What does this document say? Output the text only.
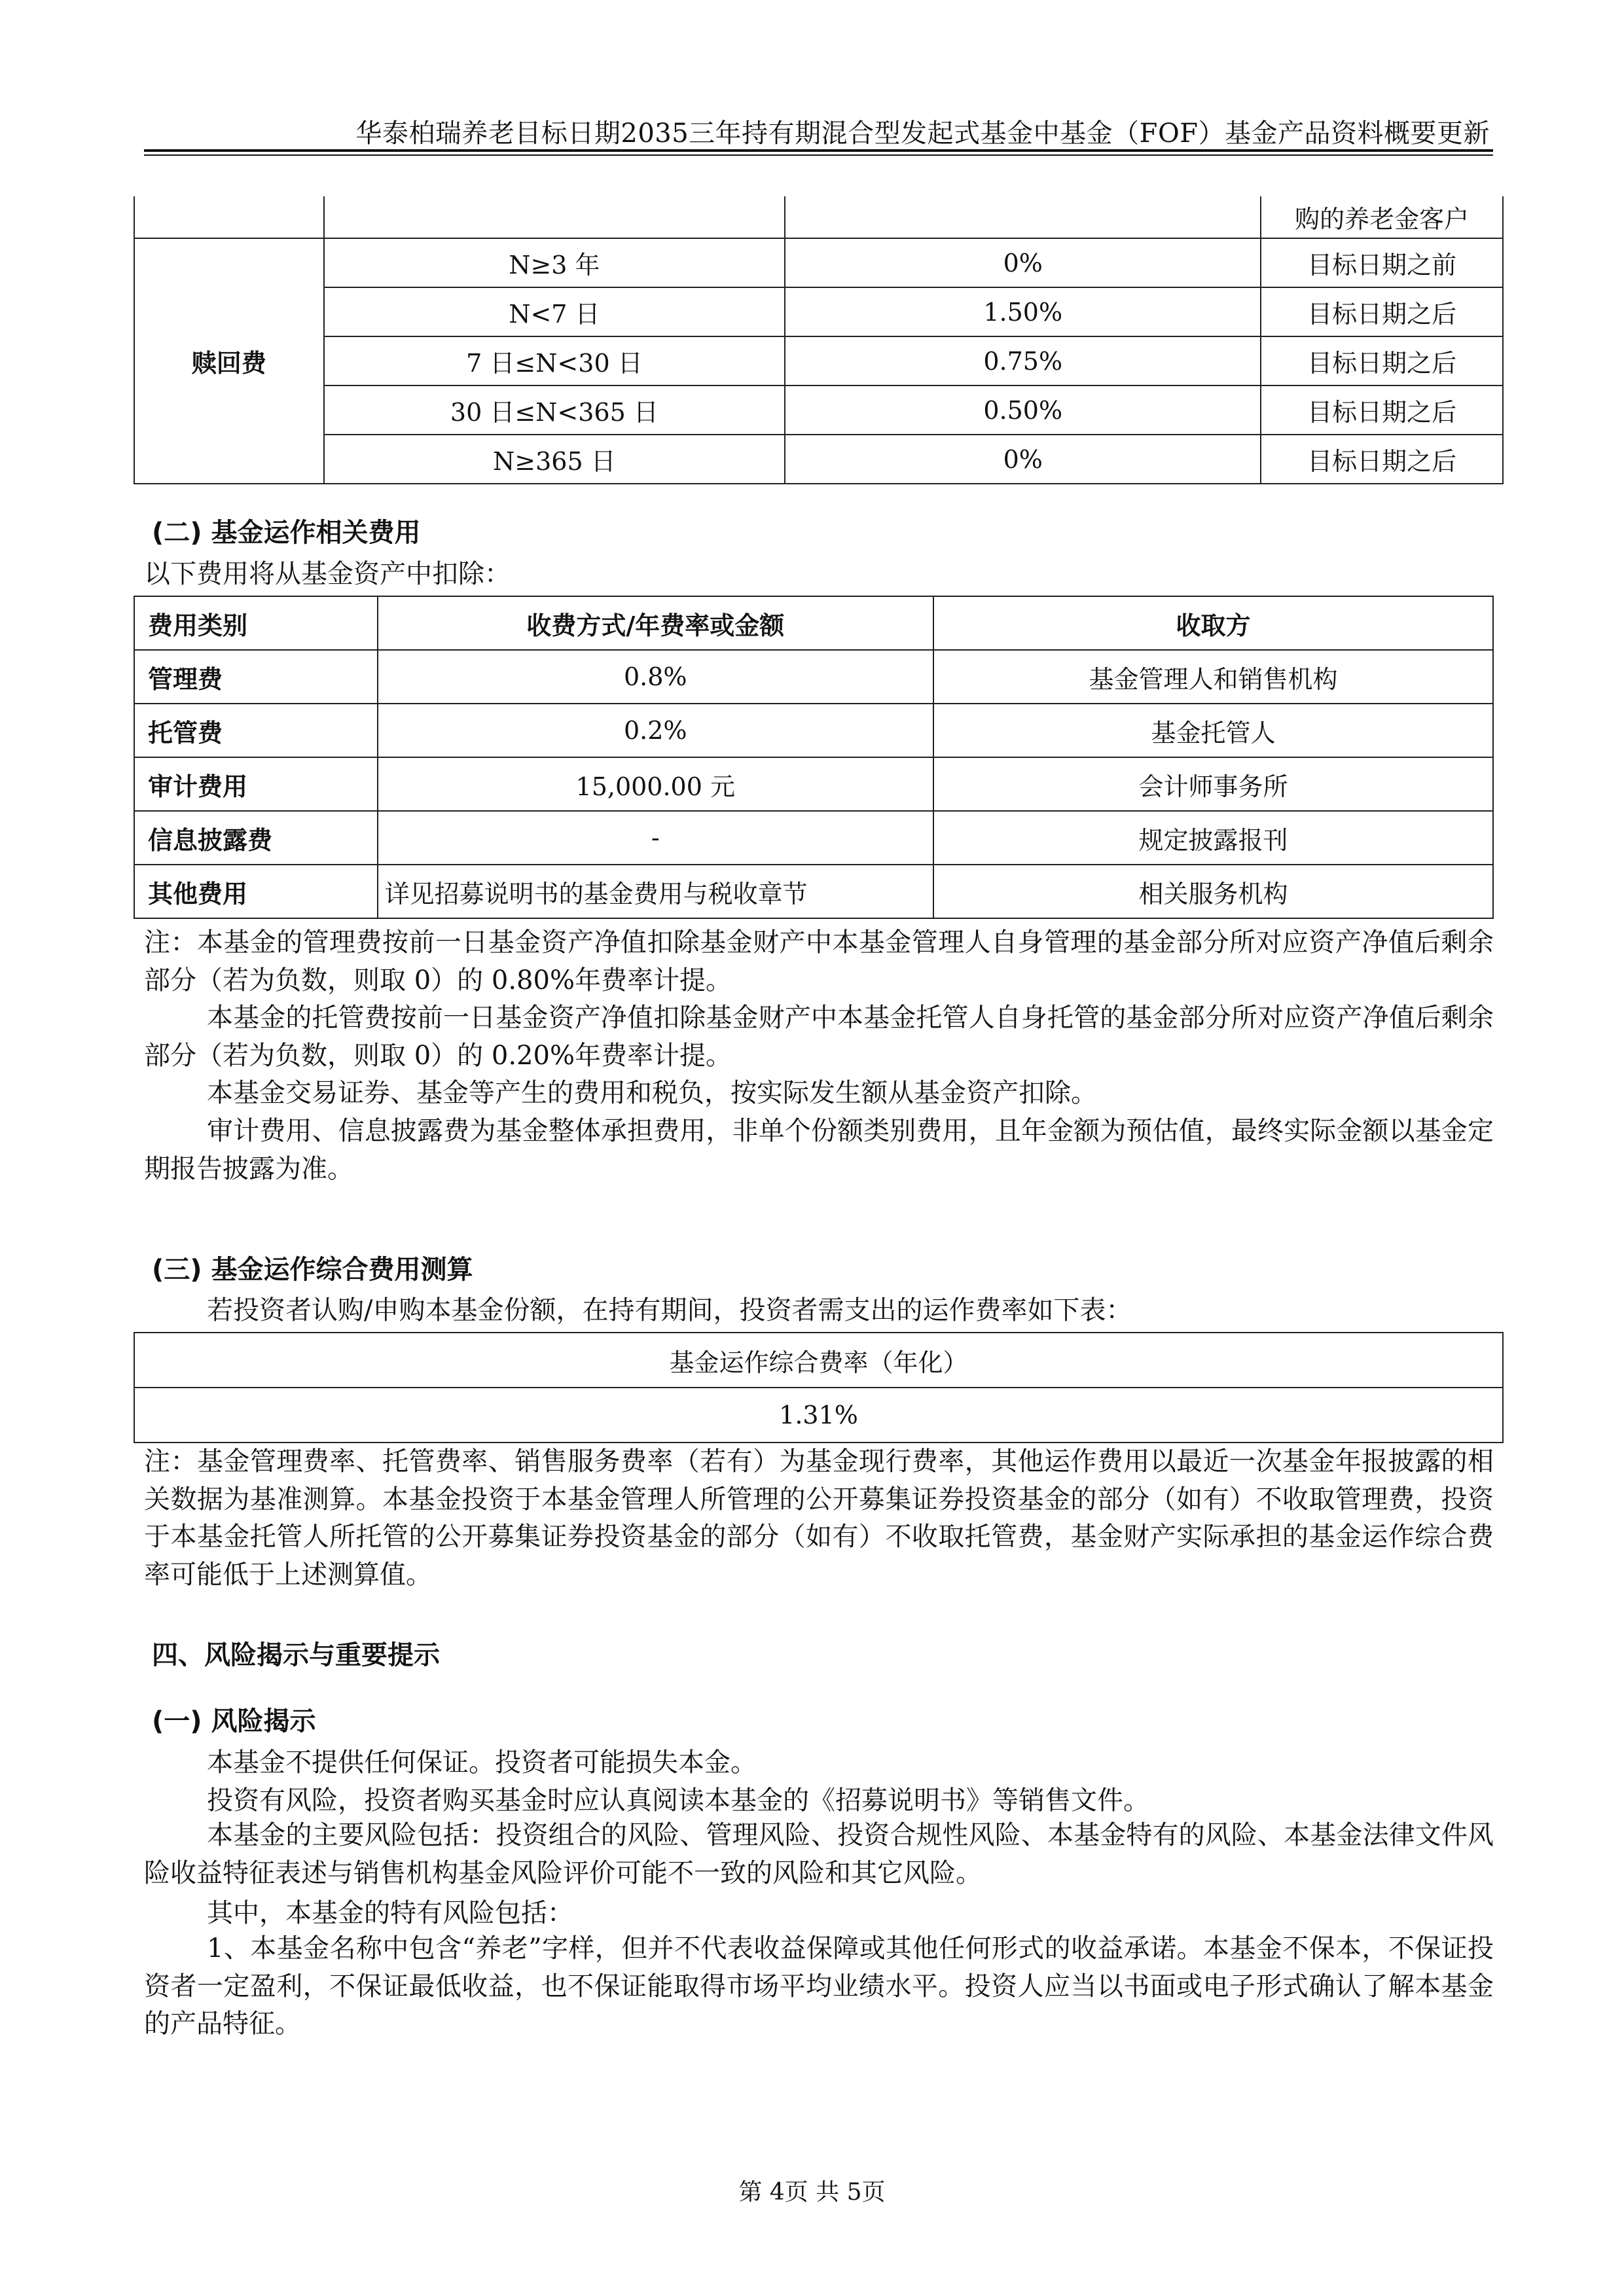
华泰柏瑞养老目标日期2035三年持有期混合型发起式基金中基金（FOF）基金产品资料概要更新
			购的养老金客户
赎回费	N≥3 年	0%	目标日期之前
	N<7 日	1.50%	目标日期之后
	7 日≤N<30 日	0.75%	目标日期之后
	30 日≤N<365 日	0.50%	目标日期之后
	N≥365 日	0%	目标日期之后
(二) 基金运作相关费用
以下费用将从基金资产中扣除：
费用类别	收费方式/年费率或金额	收取方
管理费	0.8%	基金管理人和销售机构
托管费	0.2%	基金托管人
审计费用	15,000.00 元	会计师事务所
信息披露费	-	规定披露报刊
其他费用	详见招募说明书的基金费用与税收章节	相关服务机构

注：本基金的管理费按前一日基金资产净值扣除基金财产中本基金管理人自身管理的基金部分所对应资产净值后剩余部分（若为负数，则取 0）的 0.80%年费率计提。

本基金的托管费按前一日基金资产净值扣除基金财产中本基金托管人自身托管的基金部分所对应资产净值后剩余部分（若为负数，则取 0）的 0.20%年费率计提。

本基金交易证券、基金等产生的费用和税负，按实际发生额从基金资产扣除。

审计费用、信息披露费为基金整体承担费用，非单个份额类别费用，且年金额为预估值，最终实际金额以基金定期报告披露为准。

(三) 基金运作综合费用测算
若投资者认购/申购本基金份额，在持有期间，投资者需支出的运作费率如下表：
基金运作综合费率（年化）
1.31%

注：基金管理费率、托管费率、销售服务费率（若有）为基金现行费率，其他运作费用以最近一次基金年报披露的相关数据为基准测算。本基金投资于本基金管理人所管理的公开募集证券投资基金的部分（如有）不收取管理费，投资于本基金托管人所托管的公开募集证券投资基金的部分（如有）不收取托管费，基金财产实际承担的基金运作综合费率可能低于上述测算值。

四、风险揭示与重要提示
(一) 风险揭示
本基金不提供任何保证。投资者可能损失本金。
投资有风险，投资者购买基金时应认真阅读本基金的《招募说明书》等销售文件。

本基金的主要风险包括：投资组合的风险、管理风险、投资合规性风险、本基金特有的风险、本基金法律文件风险收益特征表述与销售机构基金风险评价可能不一致的风险和其它风险。

其中，本基金的特有风险包括：

1、本基金名称中包含“养老”字样，但并不代表收益保障或其他任何形式的收益承诺。本基金不保本，不保证投资者一定盈利，不保证最低收益，也不保证能取得市场平均业绩水平。投资人应当以书面或电子形式确认了解本基金的产品特征。

第 4页 共 5页
